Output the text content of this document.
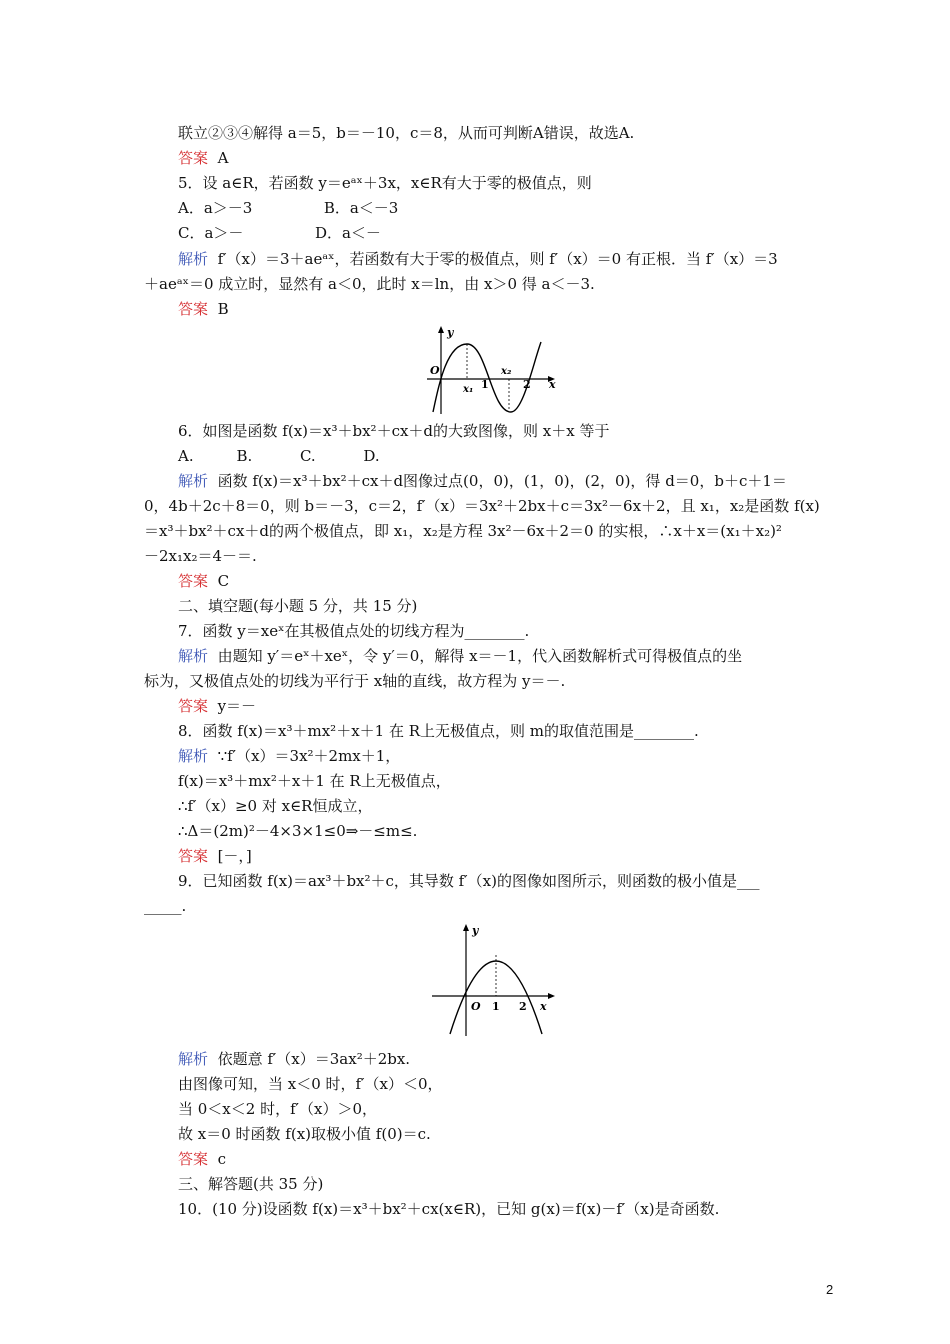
联立②③④解得 a＝5，b＝－10，c＝8，从而可判断A错误，故选A.
答案 A
5．设 a∈R，若函数 y＝eᵃˣ＋3x，x∈R有大于零的极值点，则
A．a＞－3               B．a＜－3
C．a＞－               D．a＜－
解析 f′（x）＝3＋aeᵃˣ，若函数有大于零的极值点，则 f′（x）＝0 有正根．当 f′（x）＝3
＋aeᵃˣ＝0 成立时，显然有 a＜0，此时 x＝ln，由 x＞0 得 a＜－3.
答案 B
y
O
x₁ 1
x₂
2 x
6．如图是函数 f(x)＝x³＋bx²＋cx＋d的大致图像，则 x＋x 等于
A.         B.          C.          D.
解析 函数 f(x)＝x³＋bx²＋cx＋d图像过点(0，0)，(1，0)，(2，0)，得 d＝0，b＋c＋1＝
0，4b＋2c＋8＝0，则 b＝－3，c＝2，f′（x）＝3x²＋2bx＋c＝3x²－6x＋2，且 x₁，x₂是函数 f(x)
＝x³＋bx²＋cx＋d的两个极值点，即 x₁，x₂是方程 3x²－6x＋2＝0 的实根，∴x＋x＝(x₁＋x₂)²
－2x₁x₂＝4－＝.
答案 C
二、填空题(每小题 5 分，共 15 分)
7．函数 y＝xeˣ在其极值点处的切线方程为________.
解析 由题知 y′＝eˣ＋xeˣ，令 y′＝0，解得 x＝－1，代入函数解析式可得极值点的坐
标为，又极值点处的切线为平行于 x轴的直线，故方程为 y＝－.
答案 y＝－
8．函数 f(x)＝x³＋mx²＋x＋1 在 R上无极值点，则 m的取值范围是________.
解析 ∵f′（x）＝3x²＋2mx＋1，
f(x)＝x³＋mx²＋x＋1 在 R上无极值点，
∴f′（x）≥0 对 x∈R恒成立，
∴Δ＝(2m)²－4×3×1≤0⇒－≤m≤.
答案 [－，]
9．已知函数 f(x)＝ax³＋bx²＋c，其导数 f′（x)的图像如图所示，则函数的极小值是___
_____.
y
O 1 2 x
解析 依题意 f′（x）＝3ax²＋2bx.
由图像可知，当 x＜0 时，f′（x）＜0，
当 0＜x＜2 时，f′（x）＞0，
故 x＝0 时函数 f(x)取极小值 f(0)＝c.
答案 c
三、解答题(共 35 分)
10．(10 分)设函数 f(x)＝x³＋bx²＋cx(x∈R)，已知 g(x)＝f(x)－f′（x)是奇函数.
2
